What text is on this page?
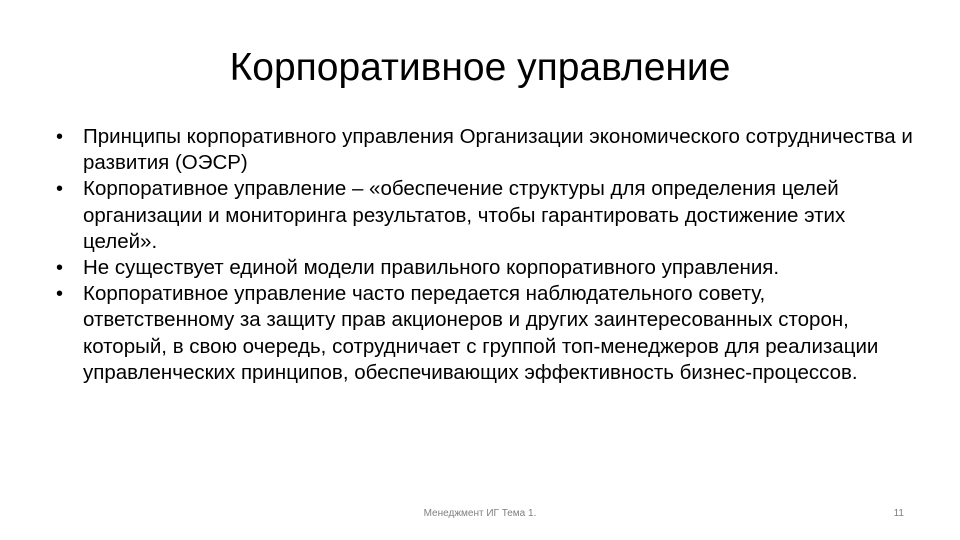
Корпоративное управление
• Принципы корпоративного управления Организации экономического сотрудничества и развития (ОЭСР)
• Корпоративное управление – «обеспечение структуры для определения целей организации и мониторинга результатов, чтобы гарантировать достижение этих целей».
• Не существует единой модели правильного корпоративного управления.
• Корпоративное управление часто передается наблюдательного совету, ответственному за защиту прав акционеров и других заинтересованных сторон, который, в свою очередь, сотрудничает с группой топ-менеджеров для реализации управленческих принципов, обеспечивающих эффективность бизнес-процессов.
Менеджмент ИГ Тема 1.	11
